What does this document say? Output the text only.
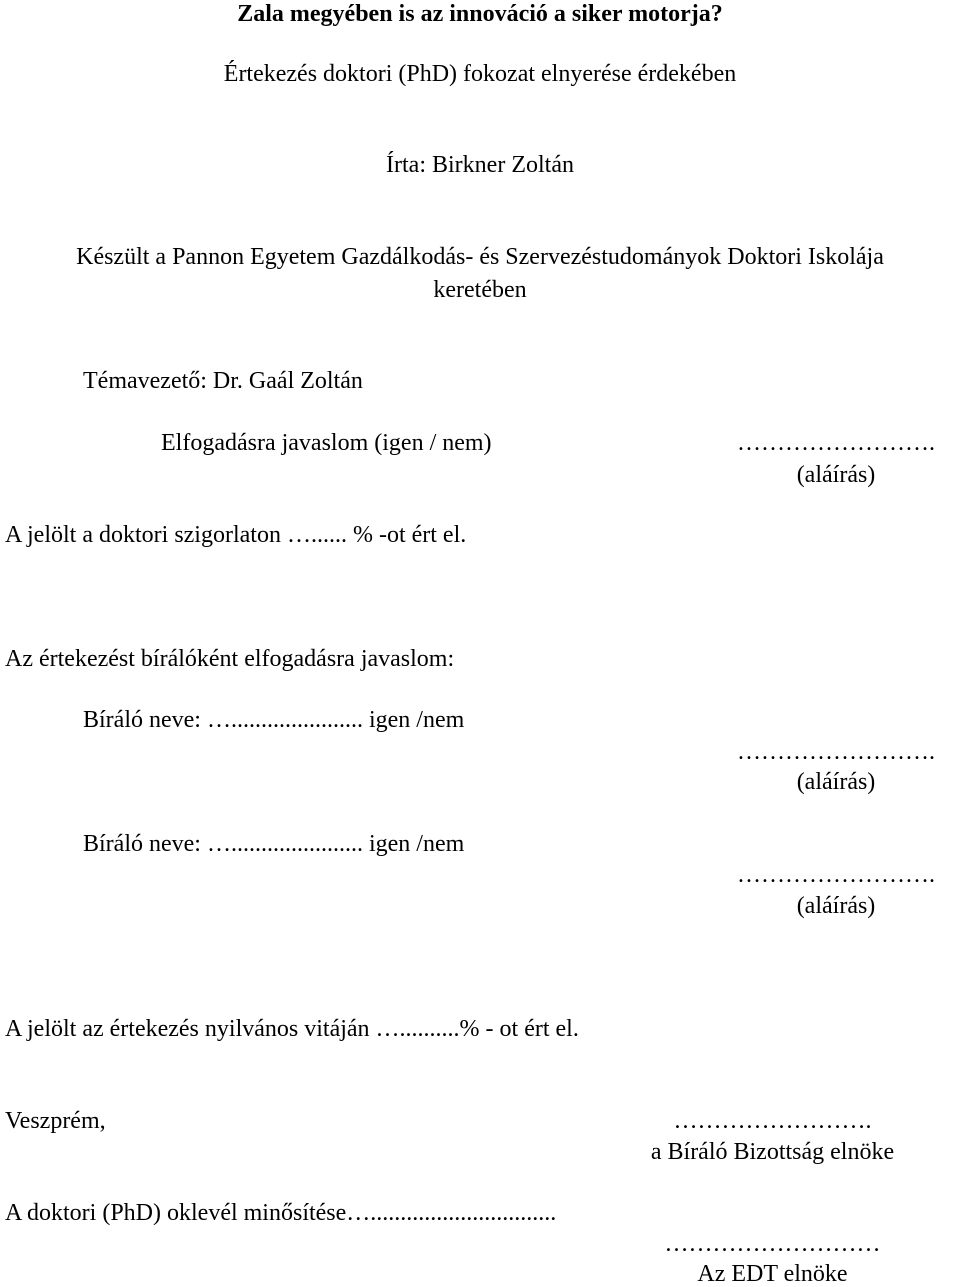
Zala megyében is az innováció a siker motorja?
Értekezés doktori (PhD) fokozat elnyerése érdekében
Írta: Birkner Zoltán
Készült a Pannon Egyetem Gazdálkodás- és Szervezéstudományok Doktori Iskolája
keretében
Témavezető: Dr. Gaál Zoltán
Elfogadásra javaslom (igen / nem)	…………………….
(aláírás)
A jelölt a doktori szigorlaton …...... % -ot ért el.
Az értekezést bírálóként elfogadásra javaslom:
Bíráló neve: …...................... igen /nem
…………………….
(aláírás)
Bíráló neve: …...................... igen /nem
…………………….
(aláírás)
A jelölt az értekezés nyilvános vitáján …..........% - ot ért el.
Veszprém,	…………………….
a Bíráló Bizottság elnöke
A doktori (PhD) oklevél minősítése…...............................
………………………
Az EDT elnöke
